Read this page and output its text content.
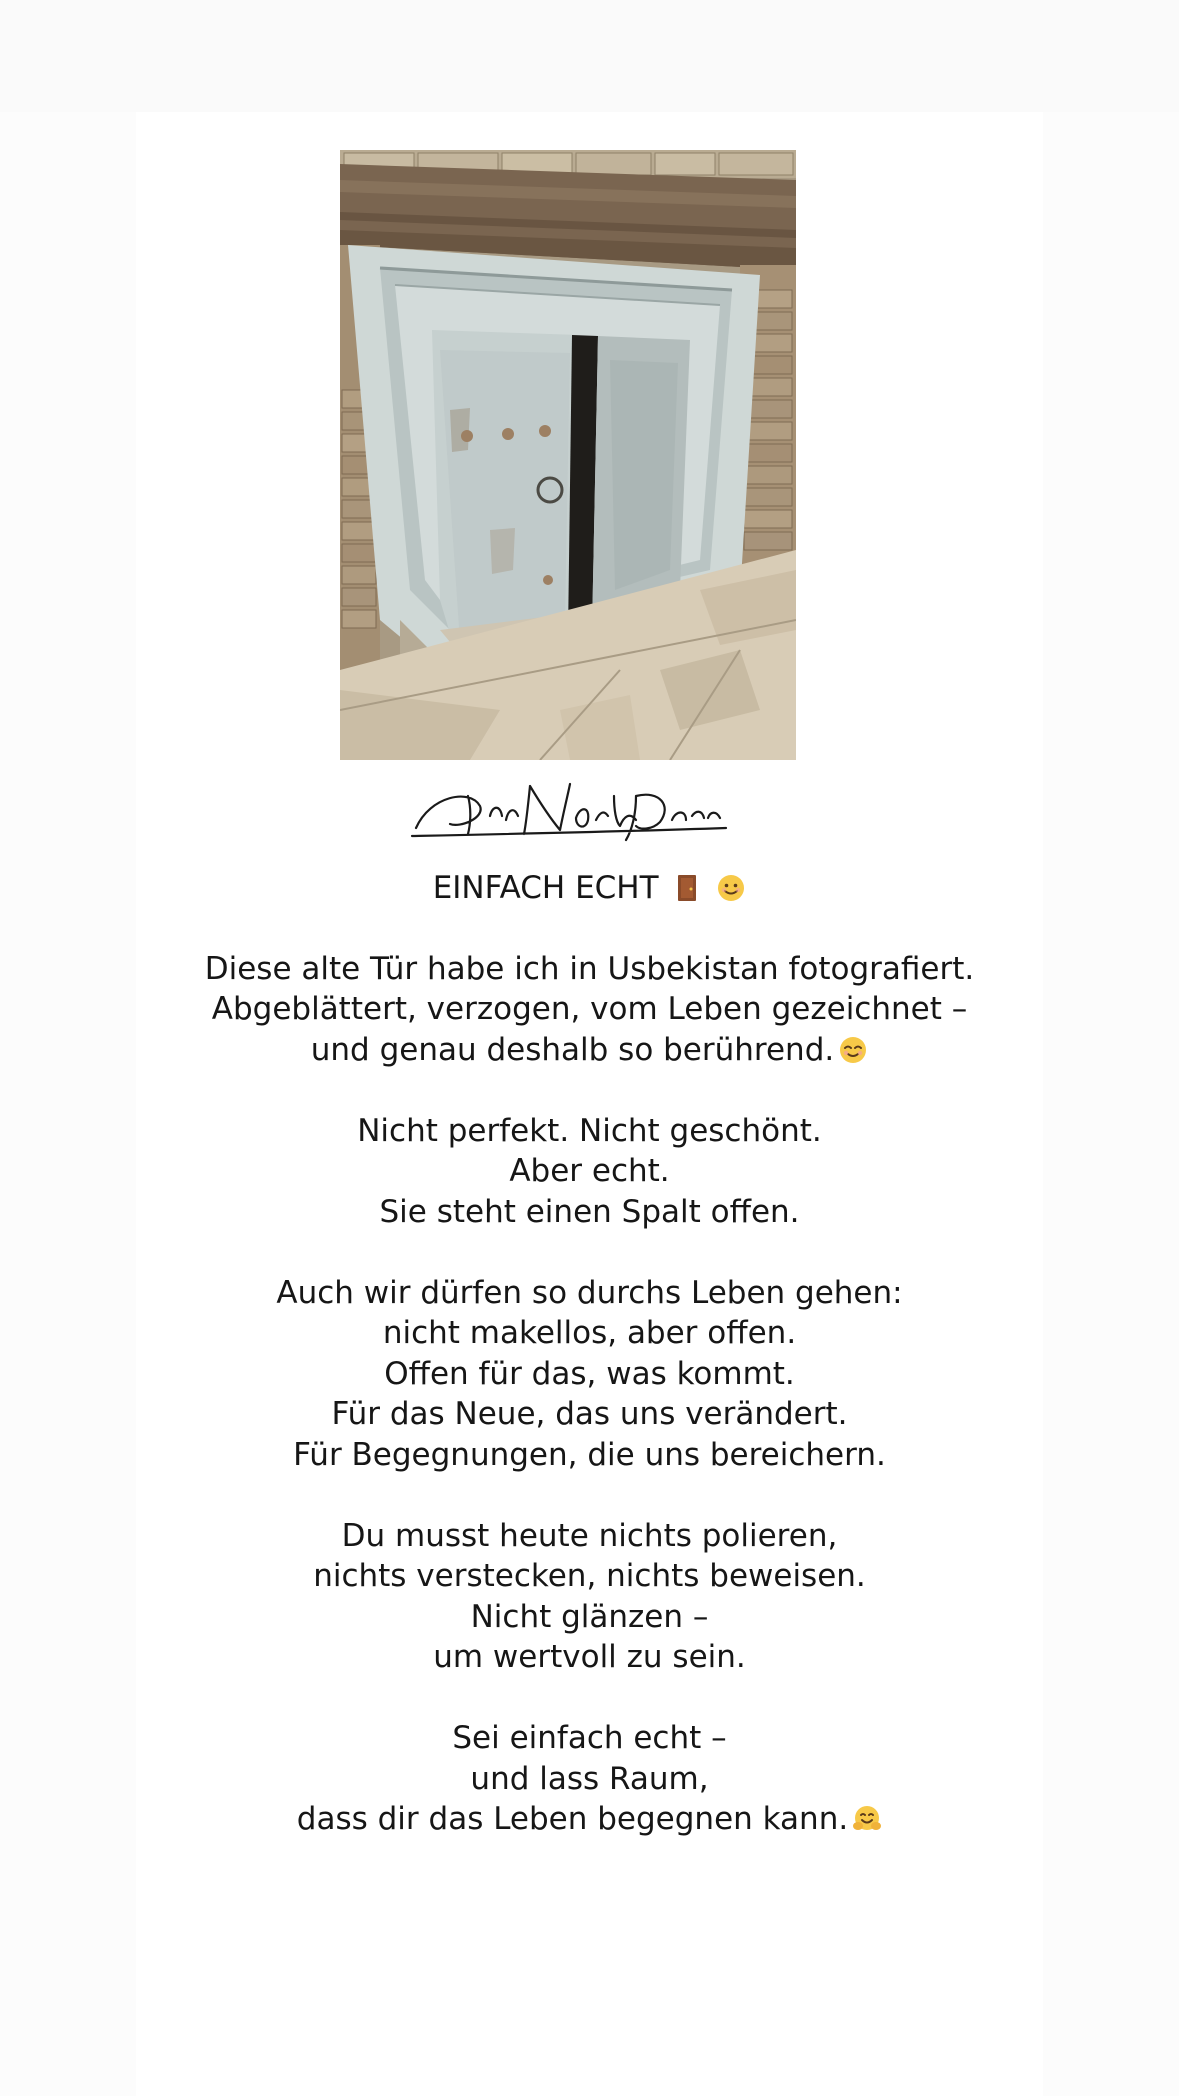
EINFACH ECHT
Diese alte Tür habe ich in Usbekistan fotografiert.
Abgeblättert, verzogen, vom Leben gezeichnet –
und genau deshalb so berührend.
Nicht perfekt. Nicht geschönt.
Aber echt.
Sie steht einen Spalt offen.
Auch wir dürfen so durchs Leben gehen:
nicht makellos, aber offen.
Offen für das, was kommt.
Für das Neue, das uns verändert.
Für Begegnungen, die uns bereichern.
Du musst heute nichts polieren,
nichts verstecken, nichts beweisen.
Nicht glänzen –
um wertvoll zu sein.
Sei einfach echt –
und lass Raum,
dass dir das Leben begegnen kann.
